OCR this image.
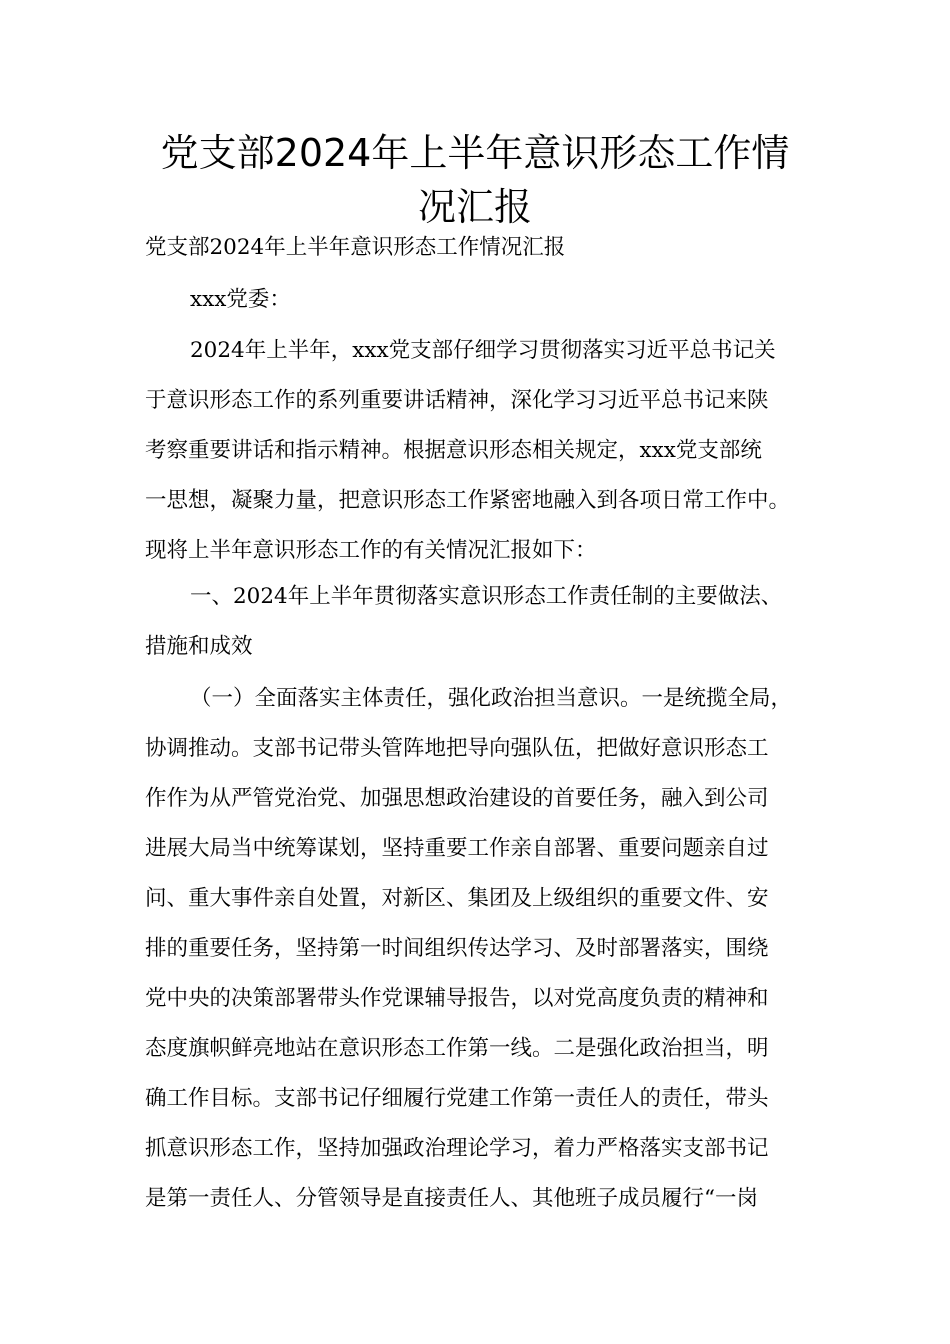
党支部2024年上半年意识形态工作情
况汇报

党支部2024年上半年意识形态工作情况汇报

xxx党委：

2024年上半年，xxx党支部仔细学习贯彻落实习近平总书记关

于意识形态工作的系列重要讲话精神，深化学习习近平总书记来陕

考察重要讲话和指示精神。根据意识形态相关规定，xxx党支部统

一思想，凝聚力量，把意识形态工作紧密地融入到各项日常工作中。

现将上半年意识形态工作的有关情况汇报如下：

一、2024年上半年贯彻落实意识形态工作责任制的主要做法、

措施和成效

（一）全面落实主体责任，强化政治担当意识。一是统揽全局，

协调推动。支部书记带头管阵地把导向强队伍，把做好意识形态工

作作为从严管党治党、加强思想政治建设的首要任务，融入到公司

进展大局当中统筹谋划，坚持重要工作亲自部署、重要问题亲自过

问、重大事件亲自处置，对新区、集团及上级组织的重要文件、安

排的重要任务，坚持第一时间组织传达学习、及时部署落实，围绕

党中央的决策部署带头作党课辅导报告，以对党高度负责的精神和

态度旗帜鲜亮地站在意识形态工作第一线。二是强化政治担当，明

确工作目标。支部书记仔细履行党建工作第一责任人的责任，带头

抓意识形态工作，坚持加强政治理论学习，着力严格落实支部书记

是第一责任人、分管领导是直接责任人、其他班子成员履行“一岗
